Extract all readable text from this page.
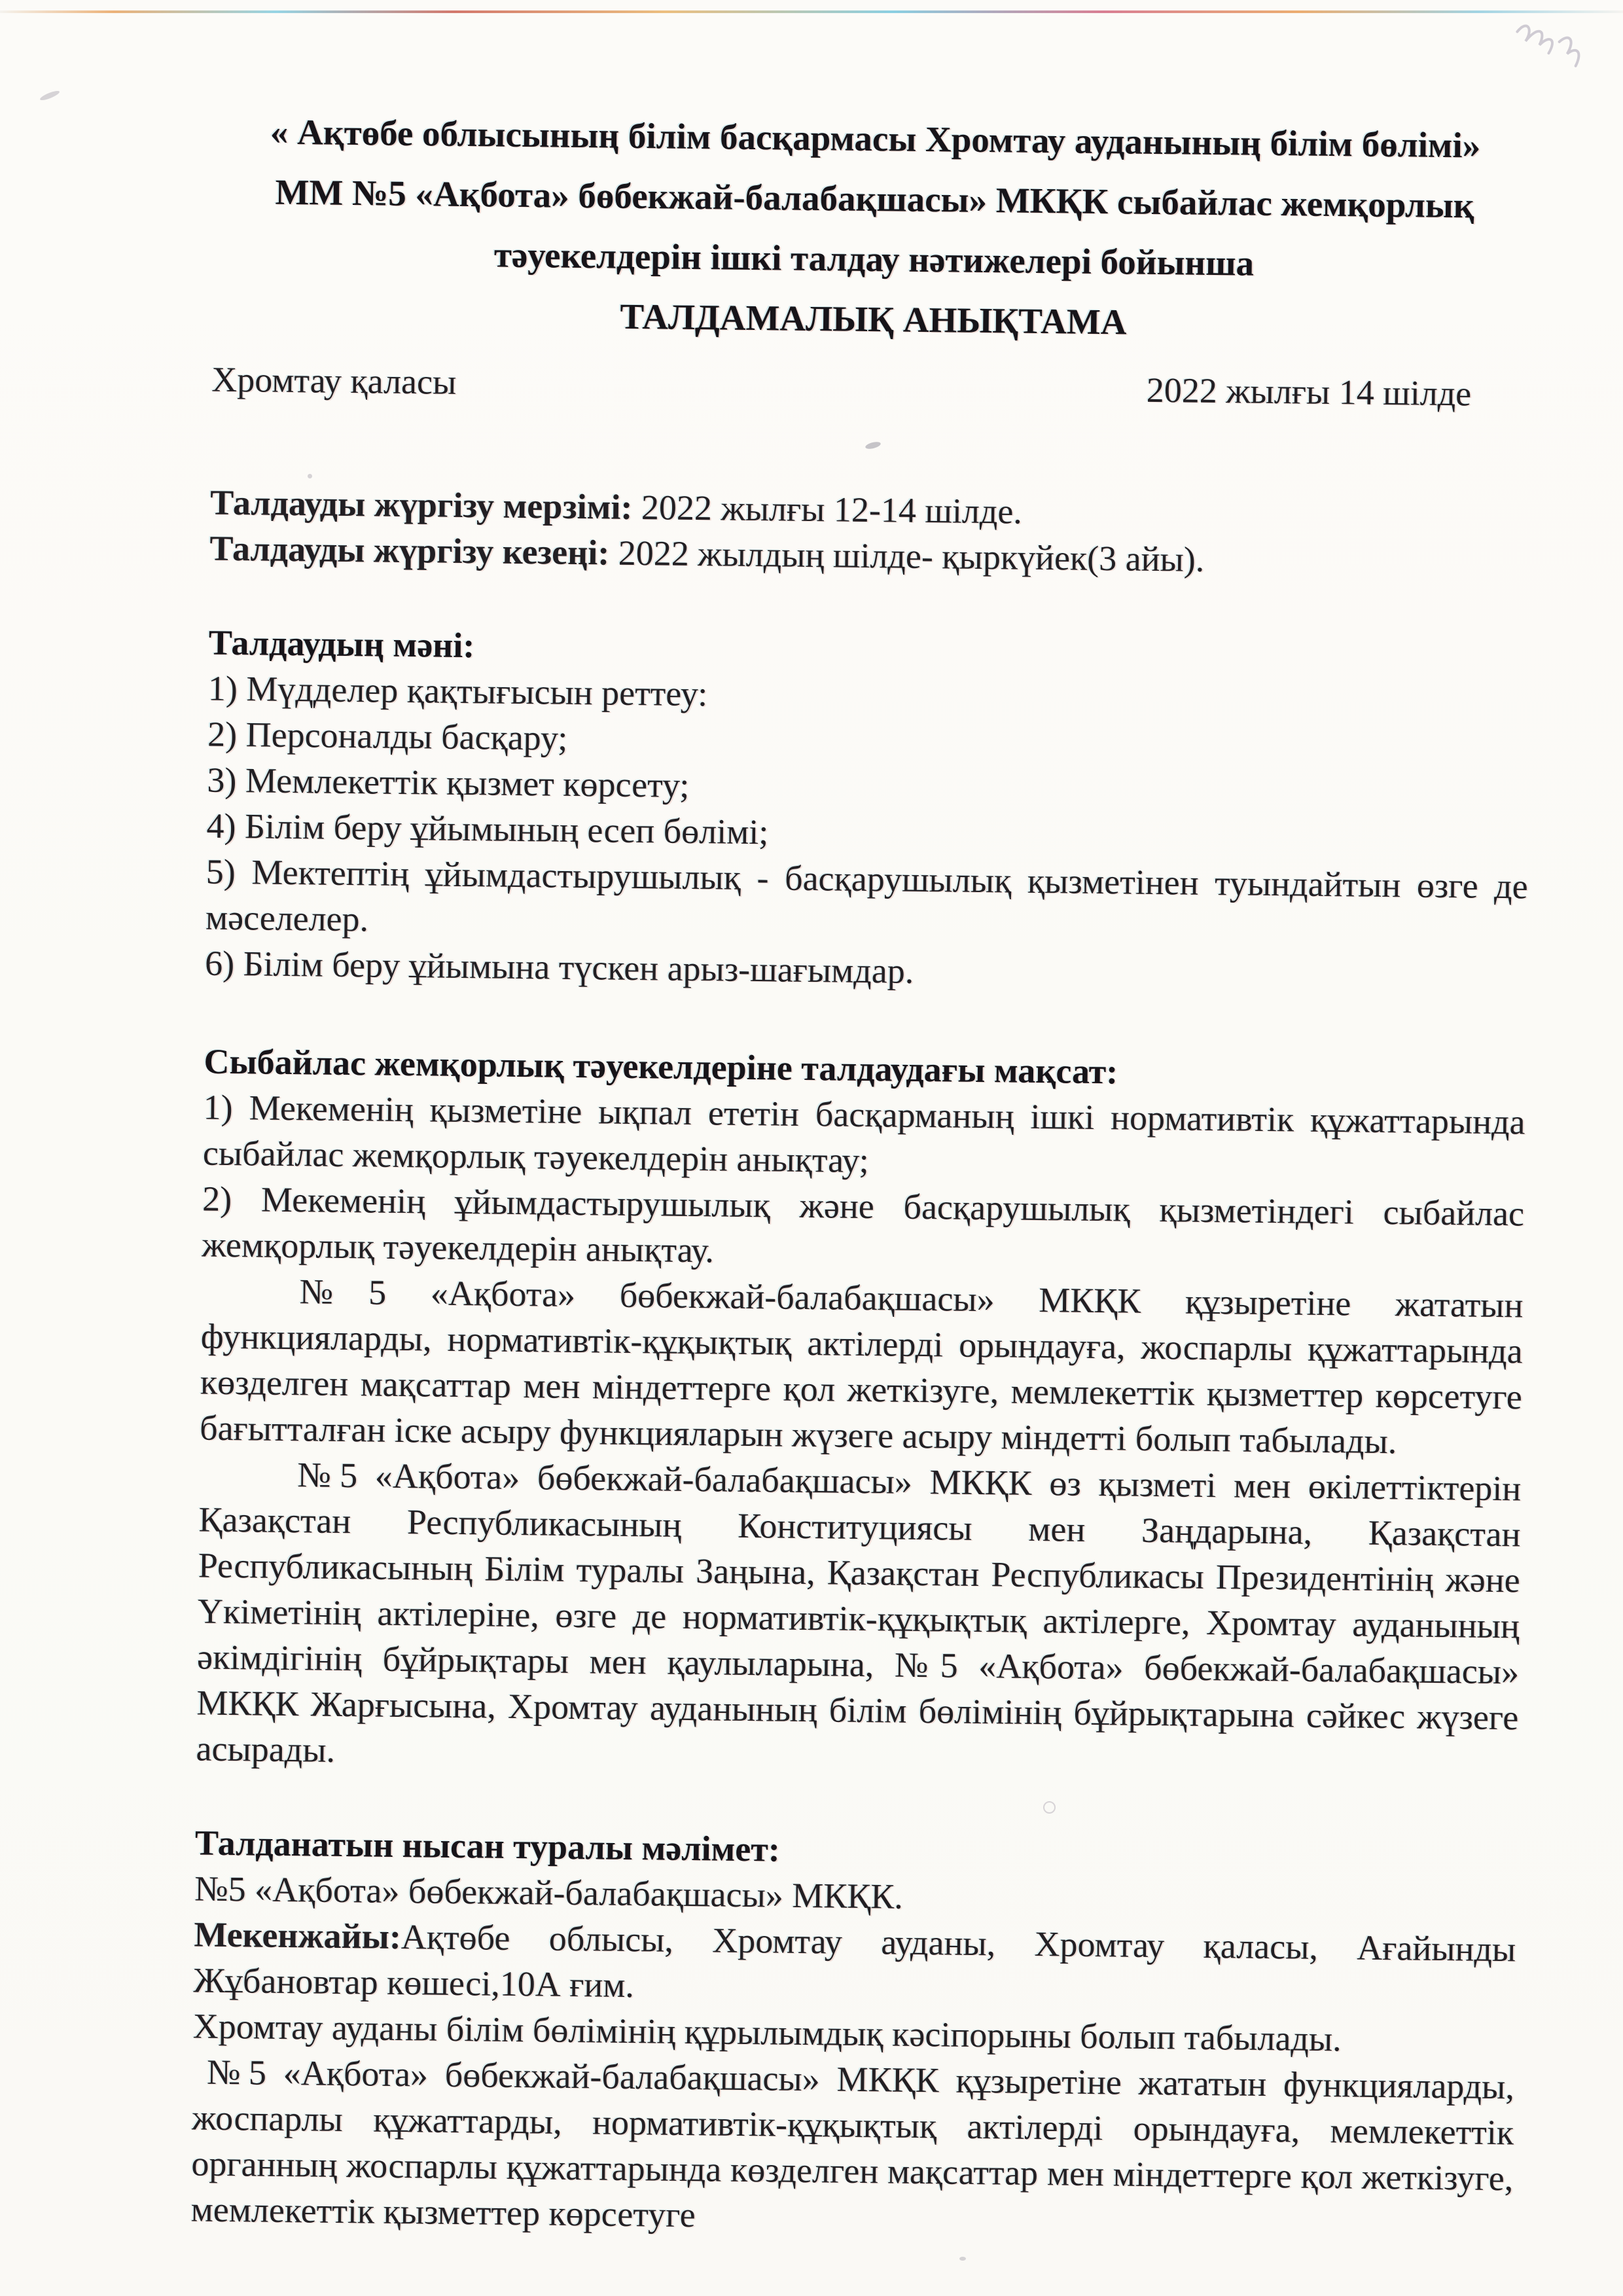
« Ақтөбе облысының білім басқармасы Хромтау ауданының білім бөлімі»
ММ №5 «Ақбота» бөбекжай-балабақшасы» МКҚК сыбайлас жемқорлық
тәуекелдерін ішкі талдау нәтижелері бойынша
ТАЛДАМАЛЫҚ АНЫҚТАМА
Хромтау қаласы	2022 жылғы 14 шілде
Талдауды жүргізу мерзімі: 2022 жылғы 12-14 шілде.
Талдауды жүргізу кезеңі: 2022 жылдың шілде- қыркүйек(3 айы).
Талдаудың мәні:
1) Мүдделер қақтығысын реттеу:
2) Персоналды басқару;
3) Мемлекеттік қызмет көрсету;
4) Білім беру ұйымының есеп бөлімі;
5) Мектептің ұйымдастырушылық - басқарушылық қызметінен туындайтын өзге де мәселелер.
6) Білім беру ұйымына түскен арыз-шағымдар.
Сыбайлас жемқорлық тәуекелдеріне талдаудағы мақсат:
1) Мекеменің қызметіне ықпал ететін басқарманың ішкі нормативтік құжаттарында сыбайлас жемқорлық тәуекелдерін анықтау;
2) Мекеменің ұйымдастырушылық және басқарушылық қызметіндегі сыбайлас жемқорлық тәуекелдерін анықтау.
№5 «Ақбота» бөбекжай-балабақшасы» МКҚК құзыретіне жататын функцияларды, нормативтік-құқықтық актілерді орындауға, жоспарлы құжаттарында көзделген мақсаттар мен міндеттерге қол жеткізуге, мемлекеттік қызметтер көрсетуге бағытталған іске асыру функцияларын жүзеге асыру міндетті болып табылады.
№5 «Ақбота» бөбекжай-балабақшасы» МКҚК өз қызметі мен өкілеттіктерін Қазақстан Республикасының Конституциясы мен Заңдарына, Қазақстан Республикасының Білім туралы Заңына, Қазақстан Республикасы Президентінің және Үкіметінің актілеріне, өзге де нормативтік-құқықтық актілерге, Хромтау ауданының әкімдігінің бұйрықтары мен қаулыларына, №5 «Ақбота» бөбекжай-балабақшасы» МКҚК Жарғысына, Хромтау ауданының білім бөлімінің бұйрықтарына сәйкес жүзеге асырады.
Талданатын нысан туралы мәлімет:
№5 «Ақбота» бөбекжай-балабақшасы» МКҚК.
Мекенжайы:Ақтөбе облысы, Хромтау ауданы, Хромтау қаласы, Ағайынды Жұбановтар көшесі,10А ғим.
Хромтау ауданы білім бөлімінің құрылымдық кәсіпорыны болып табылады.
№5 «Ақбота» бөбекжай-балабақшасы» МКҚК құзыретіне жататын функцияларды, жоспарлы құжаттарды, нормативтік-құқықтық актілерді орындауға, мемлекеттік органның жоспарлы құжаттарында көзделген мақсаттар мен міндеттерге қол жеткізуге, мемлекеттік қызметтер көрсетуге
